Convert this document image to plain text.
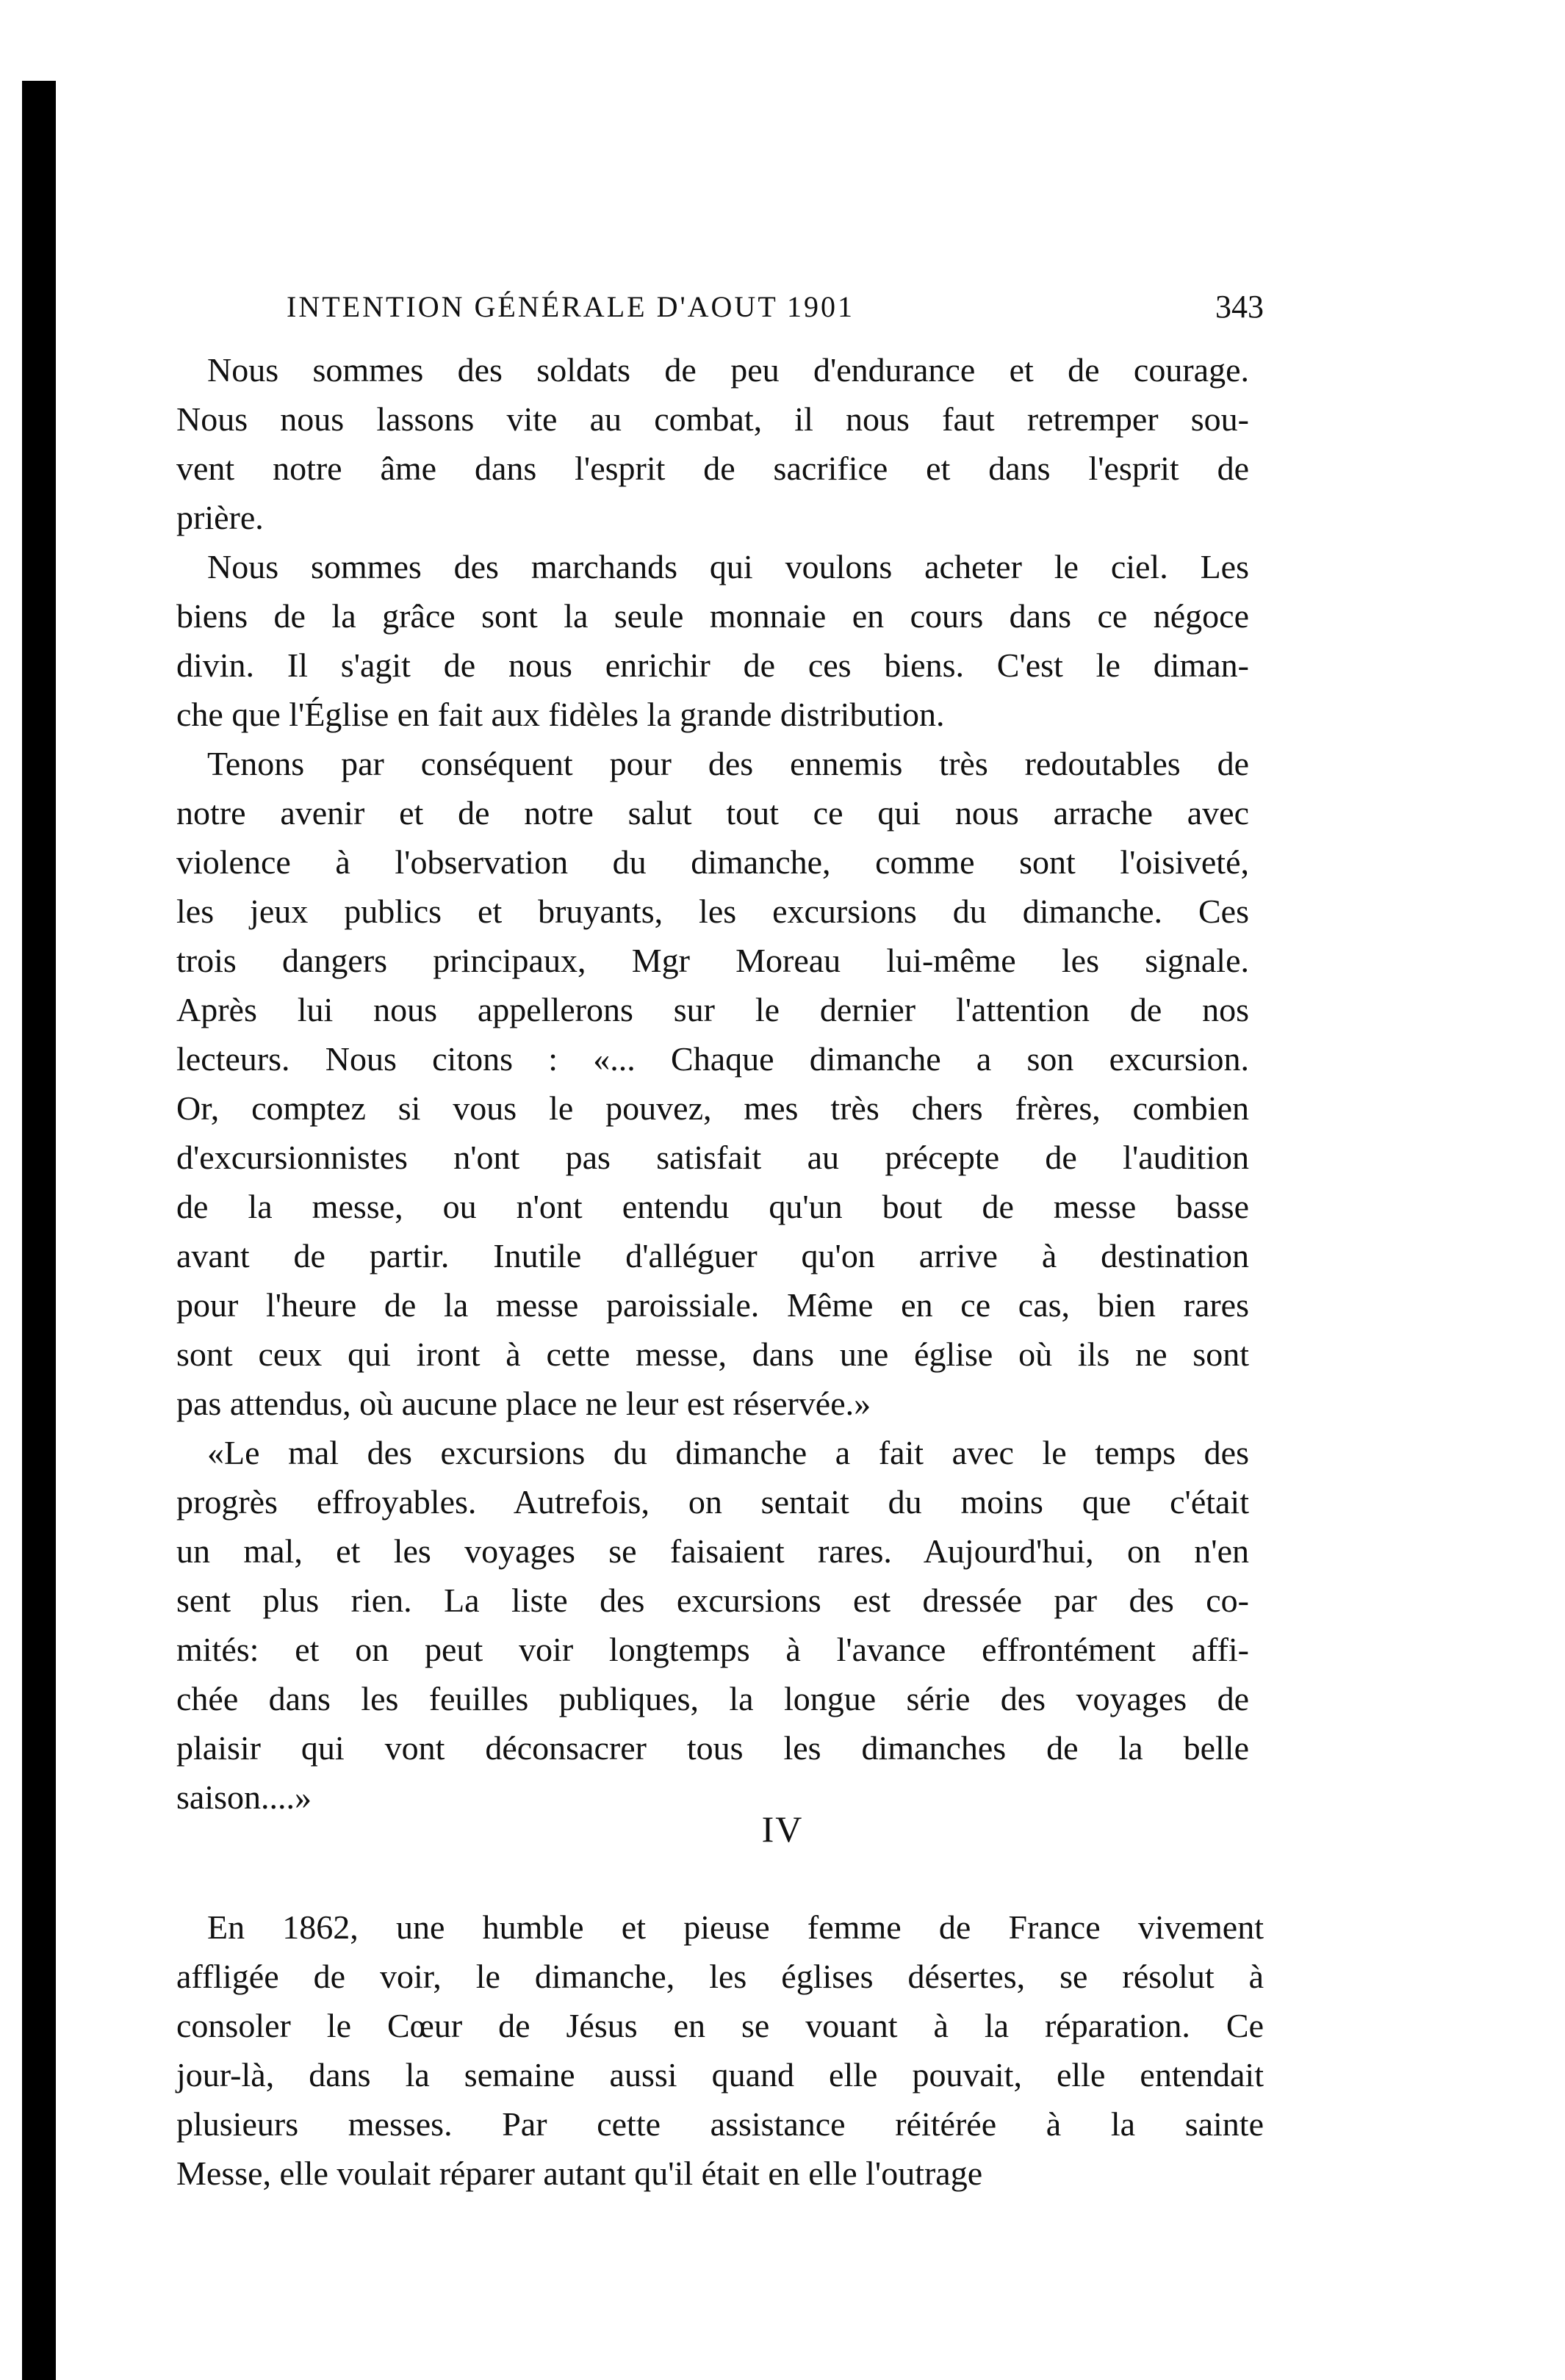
INTENTION GÉNÉRALE D'AOUT 1901	343
Nous sommes des soldats de peu d'endurance et de courage.
Nous nous lassons vite au combat, il nous faut retremper sou-
vent notre âme dans l'esprit de sacrifice et dans l'esprit de
prière.
Nous sommes des marchands qui voulons acheter le ciel. Les
biens de la grâce sont la seule monnaie en cours dans ce négoce
divin. Il s'agit de nous enrichir de ces biens. C'est le diman-
che que l'Église en fait aux fidèles la grande distribution.
Tenons par conséquent pour des ennemis très redoutables de
notre avenir et de notre salut tout ce qui nous arrache avec
violence à l'observation du dimanche, comme sont l'oisiveté,
les jeux publics et bruyants, les excursions du dimanche. Ces
trois dangers principaux, Mgr Moreau lui-même les signale.
Après lui nous appellerons sur le dernier l'attention de nos
lecteurs. Nous citons : «... Chaque dimanche a son excursion.
Or, comptez si vous le pouvez, mes très chers frères, combien
d'excursionnistes n'ont pas satisfait au précepte de l'audition
de la messe, ou n'ont entendu qu'un bout de messe basse
avant de partir. Inutile d'alléguer qu'on arrive à destination
pour l'heure de la messe paroissiale. Même en ce cas, bien rares
sont ceux qui iront à cette messe, dans une église où ils ne sont
pas attendus, où aucune place ne leur est réservée.»
«Le mal des excursions du dimanche a fait avec le temps des
progrès effroyables. Autrefois, on sentait du moins que c'était
un mal, et les voyages se faisaient rares. Aujourd'hui, on n'en
sent plus rien. La liste des excursions est dressée par des co-
mités: et on peut voir longtemps à l'avance effrontément affi-
chée dans les feuilles publiques, la longue série des voyages de
plaisir qui vont déconsacrer tous les dimanches de la belle
saison....»
IV
En 1862, une humble et pieuse femme de France vivement
affligée de voir, le dimanche, les églises désertes, se résolut à
consoler le Cœur de Jésus en se vouant à la réparation. Ce
jour-là, dans la semaine aussi quand elle pouvait, elle entendait
plusieurs messes. Par cette assistance réitérée à la sainte
Messe, elle voulait réparer autant qu'il était en elle l'outrage
